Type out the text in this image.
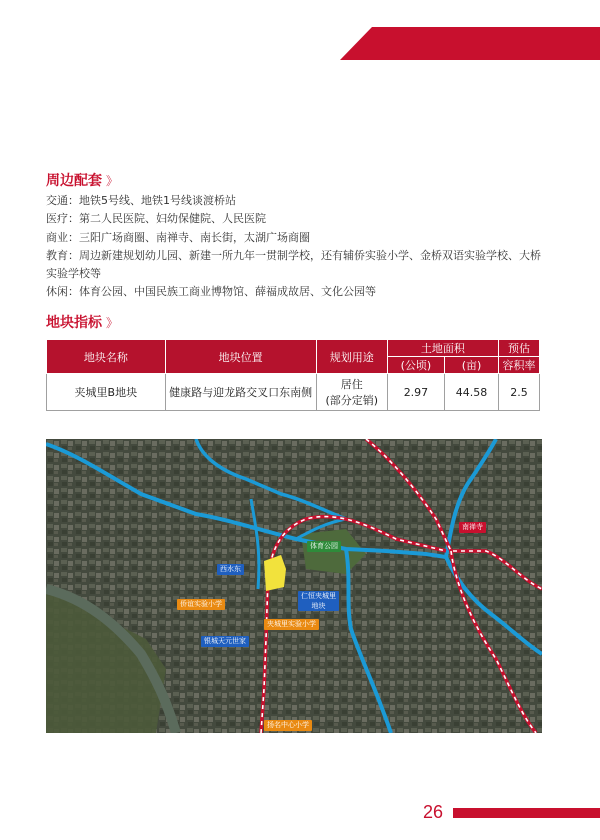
周边配套 》

交通：地铁5号线、地铁1号线谈渡桥站

医疗：第二人民医院、妇幼保健院、人民医院

商业：三阳广场商圈、南禅寺、南长街，太湖广场商圈

教育：周边新建规划幼儿园、新建一所九年一贯制学校，还有辅侨实验小学、金桥双语实验学校、大桥

实验学校等

休闲：体育公园、中国民族工商业博物馆、薛福成故居、文化公园等

地块指标 》
地块名称	地块位置	规划用途	土地面积		预估
			(公顷)	(亩)	容积率
夹城里B地块	健康路与迎龙路交叉口东南侧	居住
(部分定销)	2.97	44.58	2.5
西水东
体育公园
侨谊实验小学
仁恒夹城里
地块
夹城里实验小学
银城天元世家
南禅寺
扬名中心小学
26
